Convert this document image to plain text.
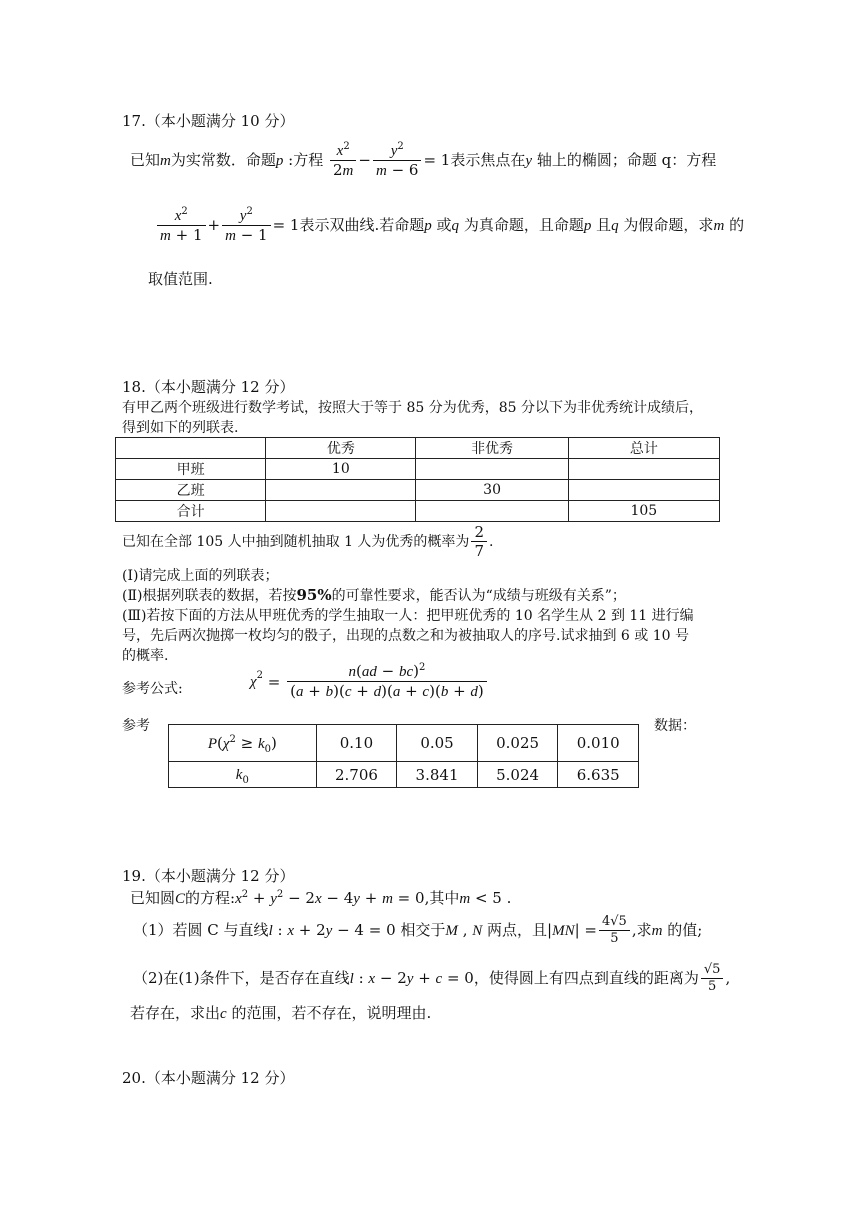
17.（本小题满分 10 分）
已知m为实常数．命题p :方程 $\frac{x^2}{2m} - \frac{y^2}{m - 6} = 1$表示焦点在y 轴上的椭圆；命题 q：方程
$\frac{x^2}{m + 1} + \frac{y^2}{m - 1} = 1$表示双曲线.若命题p 或q 为真命题，且命题p 且q 为假命题，求m 的
取值范围.
18.（本小题满分 12 分）
有甲乙两个班级进行数学考试，按照大于等于 85 分为优秀，85 分以下为非优秀统计成绩后，
得到如下的列联表.
	优秀	非优秀	总计
甲班	10		
乙班		30	
合计			105
已知在全部 105 人中抽到随机抽取 1 人为优秀的概率为 $\frac{2}{7}$ .
(Ⅰ)请完成上面的列联表；
(Ⅱ)根据列联表的数据，若按95%的可靠性要求，能否认为“成绩与班级有关系”；
(Ⅲ)若按下面的方法从甲班优秀的学生抽取一人：把甲班优秀的 10 名学生从 2 到 11 进行编
号，先后两次抛掷一枚均匀的骰子，出现的点数之和为被抽取人的序号.试求抽到 6 或 10 号
的概率.
参考公式:	$\chi^2 = \frac{n(ad - bc)^2}{(a + b)(c + d)(a + c)(b + d)}$
参考	数据：
$P(\chi^2 \ge k_0)$	0.10	0.05	0.025	0.010
$k_0$	2.706	3.841	5.024	6.635
19.（本小题满分 12 分）
已知圆C的方程$:x^2 + y^2 - 2x - 4y + m = 0$,其中m < 5 .
（1）若圆 C 与直线l : x + 2y − 4 = 0 相交于M , N 两点，且$|MN| = \frac{4√5}{5}$ ,求m 的值;
（2)在(1)条件下，是否存在直线l : x − 2y + c = 0，使得圆上有四点到直线的距离为 $\frac{√5}{5}$ ,
若存在，求出c 的范围，若不存在，说明理由.
20.（本小题满分 12 分）
